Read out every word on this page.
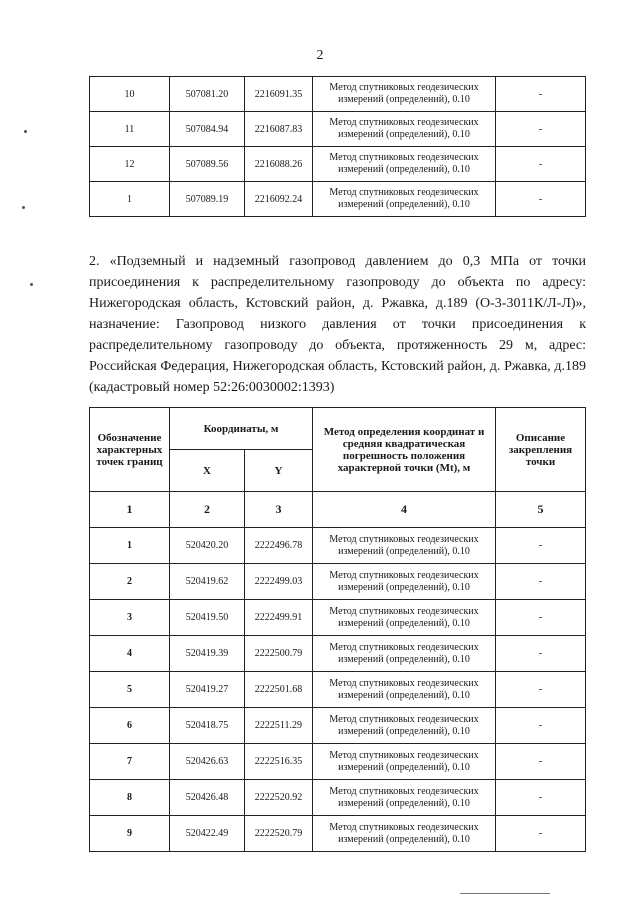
2
10	507081.20	2216091.35	Метод спутниковых геодезических измерений (определений), 0.10	-
11	507084.94	2216087.83	Метод спутниковых геодезических измерений (определений), 0.10	-
12	507089.56	2216088.26	Метод спутниковых геодезических измерений (определений), 0.10	-
1	507089.19	2216092.24	Метод спутниковых геодезических измерений (определений), 0.10	-

2. «Подземный и надземный газопровод давлением до 0,3 МПа от точки присоединения к распределительному газопроводу до объекта по адресу: Нижегородская область, Кстовский район, д. Ржавка, д.189 (О-3-3011К/Л-Л)», назначение: Газопровод низкого давления от точки присоединения к распределительному газопроводу до объекта, протяженность 29 м, адрес: Российская Федерация, Нижегородская область, Кстовский район, д. Ржавка, д.189 (кадастровый номер 52:26:0030002:1393)

Обозначение характерных точек границ	Координаты, м		Метод определения координат и средняя квадратическая погрешность положения характерной точки (Mt), м	Описание закрепления точки
	X	Y		
1	2	3	4	5
1	520420.20	2222496.78	Метод спутниковых геодезических измерений (определений), 0.10	-
2	520419.62	2222499.03	Метод спутниковых геодезических измерений (определений), 0.10	-
3	520419.50	2222499.91	Метод спутниковых геодезических измерений (определений), 0.10	-
4	520419.39	2222500.79	Метод спутниковых геодезических измерений (определений), 0.10	-
5	520419.27	2222501.68	Метод спутниковых геодезических измерений (определений), 0.10	-
6	520418.75	2222511.29	Метод спутниковых геодезических измерений (определений), 0.10	-
7	520426.63	2222516.35	Метод спутниковых геодезических измерений (определений), 0.10	-
8	520426.48	2222520.92	Метод спутниковых геодезических измерений (определений), 0.10	-
9	520422.49	2222520.79	Метод спутниковых геодезических измерений (определений), 0.10	-
